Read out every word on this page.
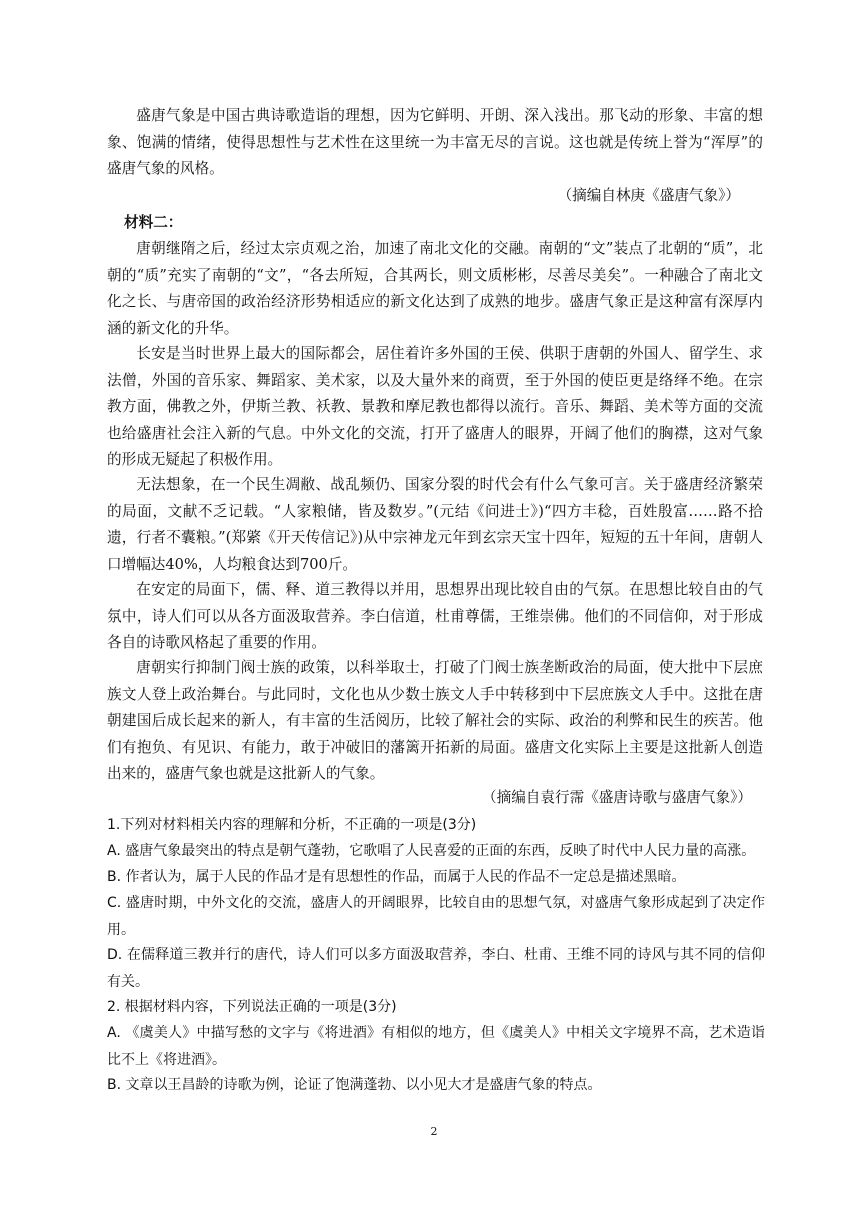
盛唐气象是中国古典诗歌造诣的理想，因为它鲜明、开朗、深入浅出。那飞动的形象、丰富的想象、饱满的情绪，使得思想性与艺术性在这里统一为丰富无尽的言说。这也就是传统上誉为“浑厚”的盛唐气象的风格。
（摘编自林庚《盛唐气象》）
材料二：
唐朝继隋之后，经过太宗贞观之治，加速了南北文化的交融。南朝的“文”装点了北朝的“质”，北朝的“质”充实了南朝的“文”，“各去所短，合其两长，则文质彬彬，尽善尽美矣”。一种融合了南北文化之长、与唐帝国的政治经济形势相适应的新文化达到了成熟的地步。盛唐气象正是这种富有深厚内涵的新文化的升华。
长安是当时世界上最大的国际都会，居住着许多外国的王侯、供职于唐朝的外国人、留学生、求法僧，外国的音乐家、舞蹈家、美术家，以及大量外来的商贾，至于外国的使臣更是络绎不绝。在宗教方面，佛教之外，伊斯兰教、袄教、景教和摩尼教也都得以流行。音乐、舞蹈、美术等方面的交流也给盛唐社会注入新的气息。中外文化的交流，打开了盛唐人的眼界，开阔了他们的胸襟，这对气象的形成无疑起了积极作用。
无法想象，在一个民生凋敝、战乱频仍、国家分裂的时代会有什么气象可言。关于盛唐经济繁荣的局面，文献不乏记载。“人家粮储，皆及数岁。”(元结《问进士》)“四方丰稔，百姓殷富……路不拾遗，行者不囊粮。”(郑綮《开天传信记》)从中宗神龙元年到玄宗天宝十四年，短短的五十年间，唐朝人口增幅达40%，人均粮食达到700斤。
在安定的局面下，儒、释、道三教得以并用，思想界出现比较自由的气氛。在思想比较自由的气氛中，诗人们可以从各方面汲取营养。李白信道，杜甫尊儒，王维崇佛。他们的不同信仰，对于形成各自的诗歌风格起了重要的作用。
唐朝实行抑制门阀士族的政策，以科举取士，打破了门阀士族垄断政治的局面，使大批中下层庶族文人登上政治舞台。与此同时，文化也从少数士族文人手中转移到中下层庶族文人手中。这批在唐朝建国后成长起来的新人，有丰富的生活阅历，比较了解社会的实际、政治的利弊和民生的疾苦。他们有抱负、有见识、有能力，敢于冲破旧的藩篱开拓新的局面。盛唐文化实际上主要是这批新人创造出来的，盛唐气象也就是这批新人的气象。
（摘编自袁行霈《盛唐诗歌与盛唐气象》）
1.下列对材料相关内容的理解和分析，不正确的一项是(3分)
A. 盛唐气象最突出的特点是朝气蓬勃，它歌唱了人民喜爱的正面的东西，反映了时代中人民力量的高涨。
B. 作者认为，属于人民的作品才是有思想性的作品，而属于人民的作品不一定总是描述黑暗。
C. 盛唐时期，中外文化的交流，盛唐人的开阔眼界，比较自由的思想气氛，对盛唐气象形成起到了决定作用。
D. 在儒释道三教并行的唐代，诗人们可以多方面汲取营养，李白、杜甫、王维不同的诗风与其不同的信仰有关。
2. 根据材料内容，下列说法正确的一项是(3分)
A. 《虞美人》中描写愁的文字与《将进酒》有相似的地方，但《虞美人》中相关文字境界不高，艺术造诣比不上《将进酒》。
B. 文章以王昌龄的诗歌为例，论证了饱满蓬勃、以小见大才是盛唐气象的特点。
2
